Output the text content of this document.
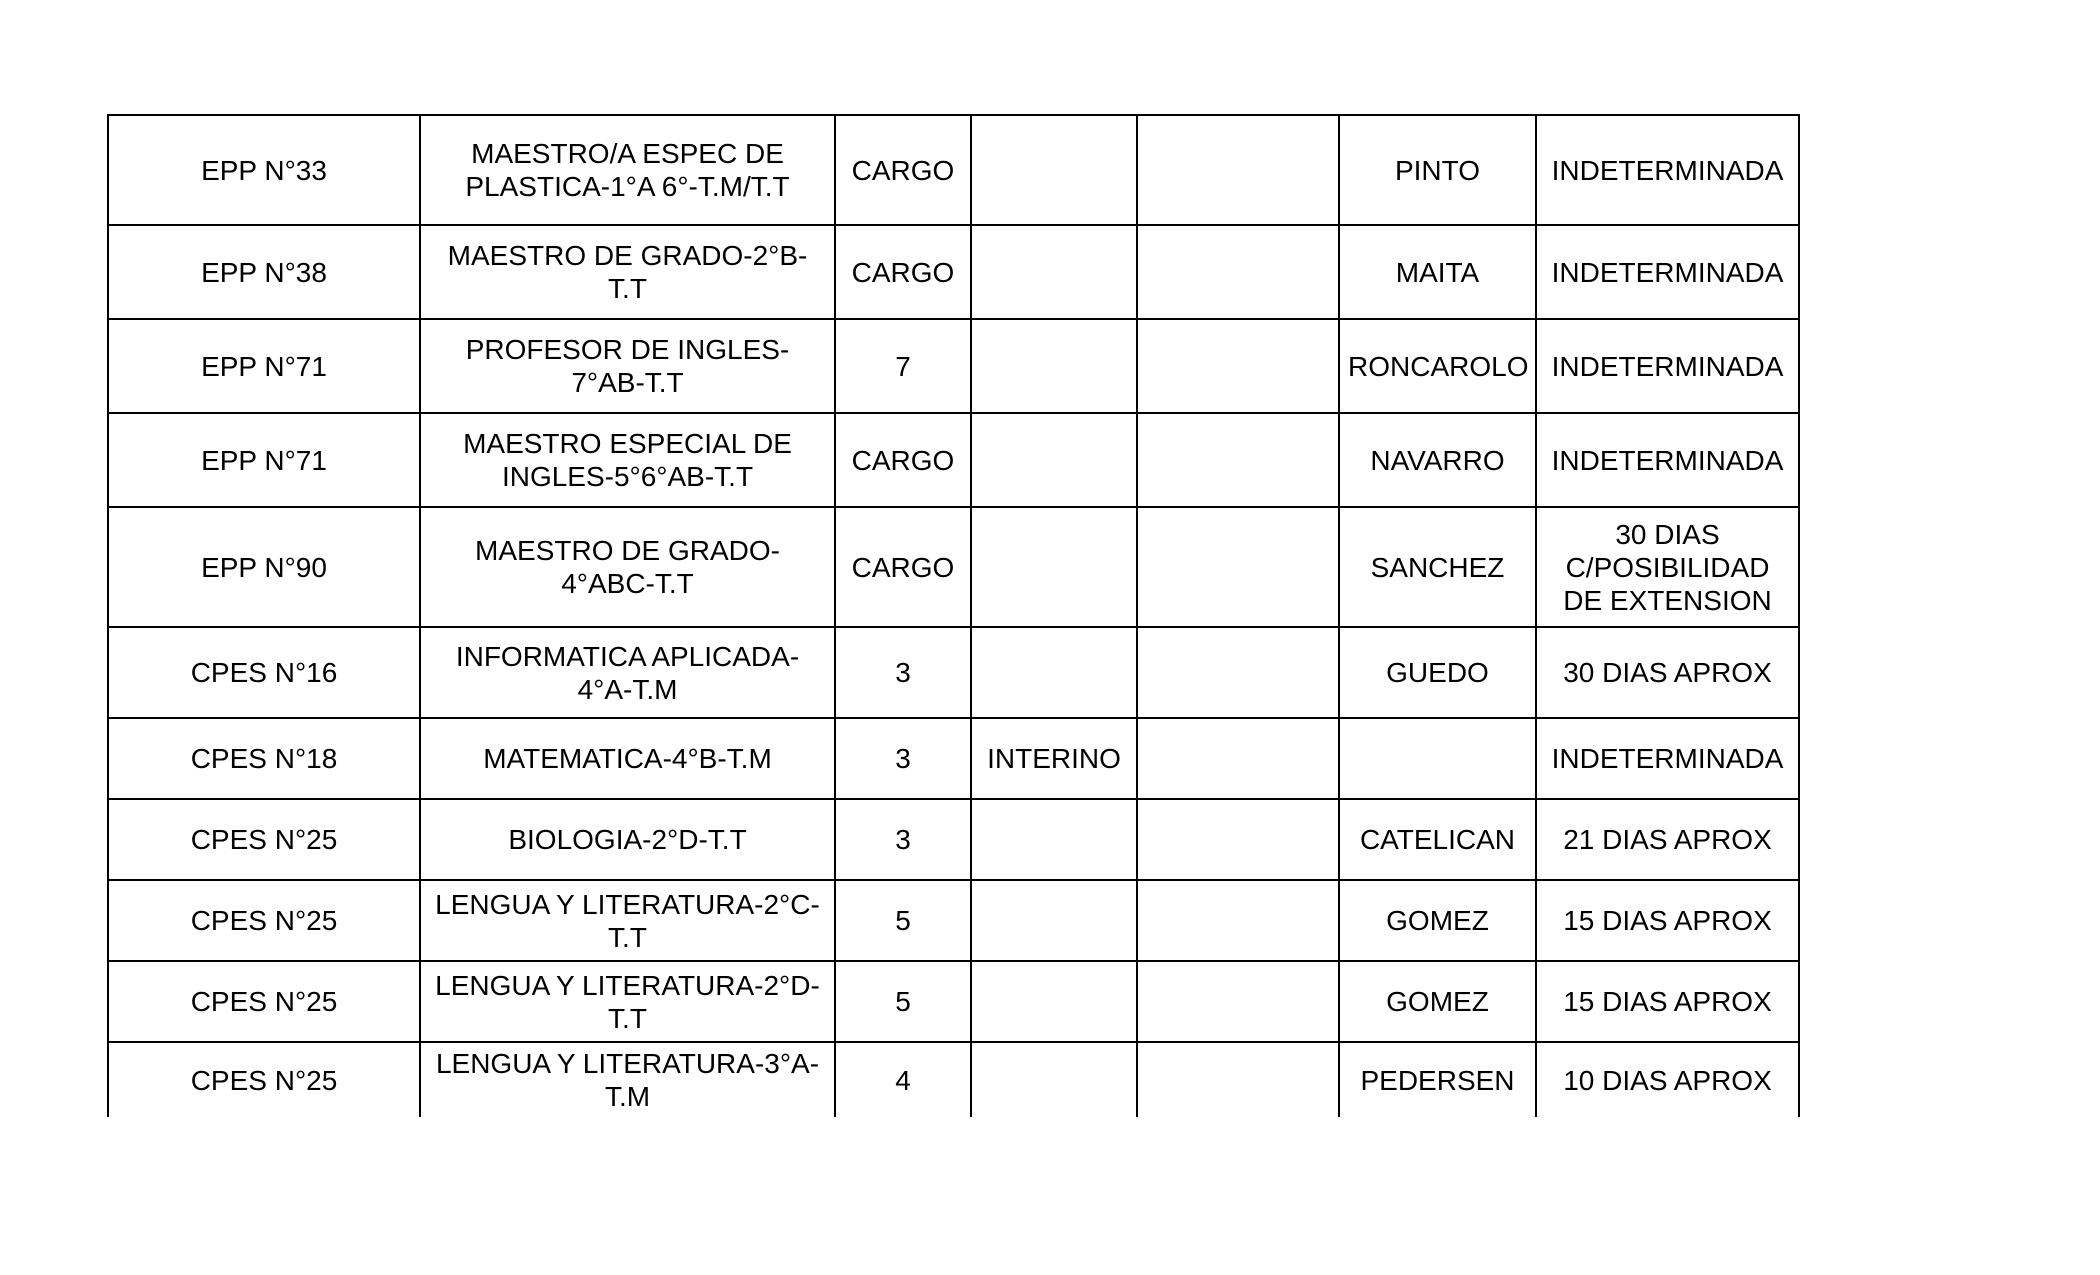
EPP N°33	MAESTRO/A ESPEC DE PLASTICA-1°A 6°-T.M/T.T	CARGO			PINTO	INDETERMINADA
EPP N°38	MAESTRO DE GRADO-2°B-T.T	CARGO			MAITA	INDETERMINADA
EPP N°71	PROFESOR DE INGLES-7°AB-T.T	7			RONCAROLO	INDETERMINADA
EPP N°71	MAESTRO ESPECIAL DE INGLES-5°6°AB-T.T	CARGO			NAVARRO	INDETERMINADA
EPP N°90	MAESTRO DE GRADO-4°ABC-T.T	CARGO			SANCHEZ	30 DIAS C/POSIBILIDAD DE EXTENSION
CPES N°16	INFORMATICA APLICADA-4°A-T.M	3			GUEDO	30 DIAS APROX
CPES N°18	MATEMATICA-4°B-T.M	3	INTERINO			INDETERMINADA
CPES N°25	BIOLOGIA-2°D-T.T	3			CATELICAN	21 DIAS APROX
CPES N°25	LENGUA Y LITERATURA-2°C-T.T	5			GOMEZ	15 DIAS APROX
CPES N°25	LENGUA Y LITERATURA-2°D-T.T	5			GOMEZ	15 DIAS APROX
CPES N°25	LENGUA Y LITERATURA-3°A-T.M	4			PEDERSEN	10 DIAS APROX
